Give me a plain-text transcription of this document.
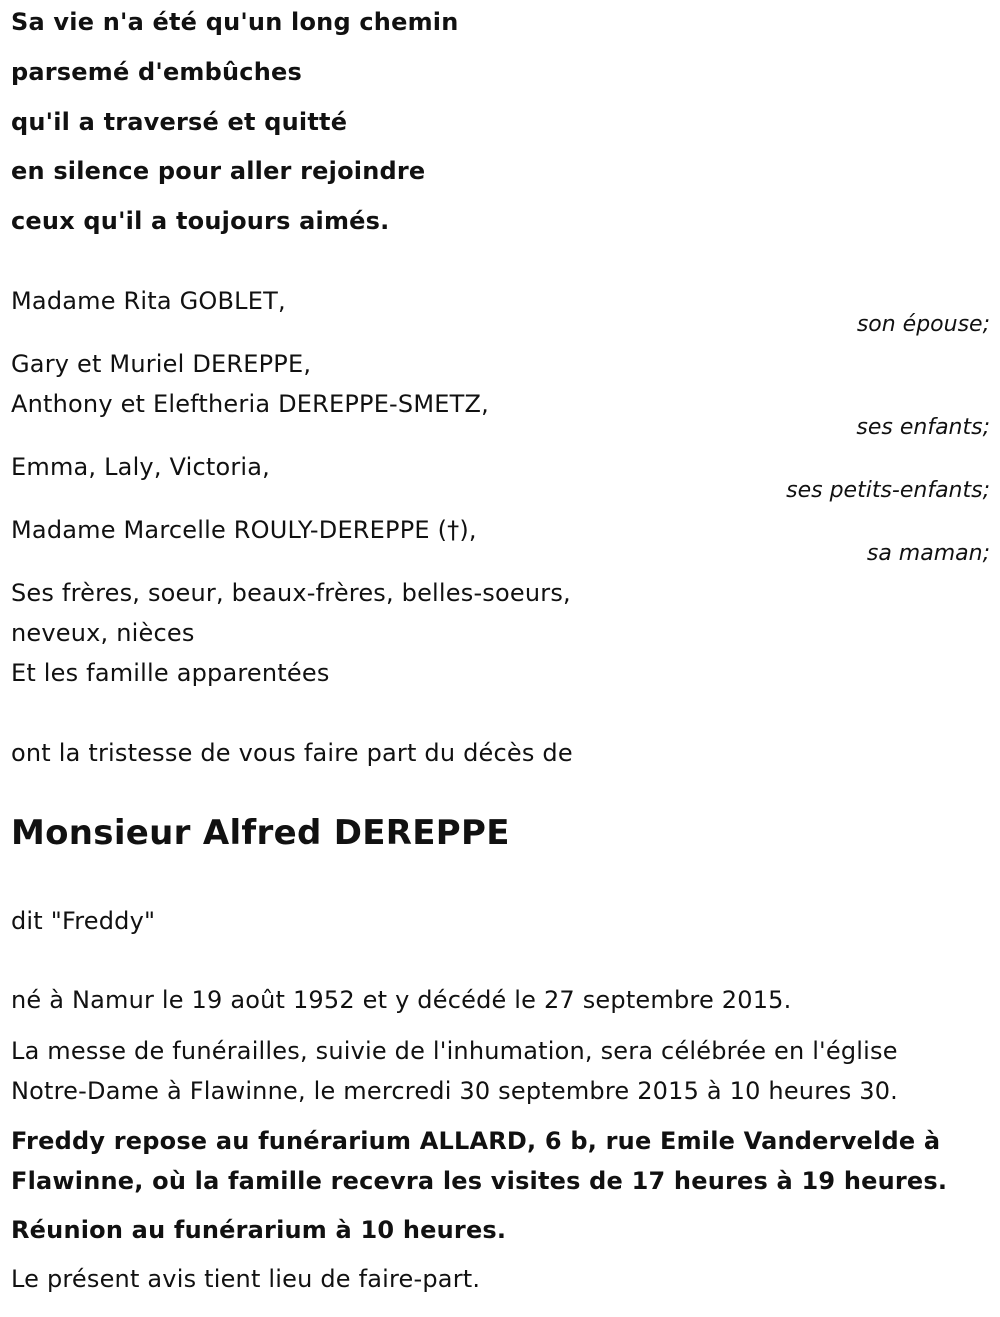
Sa vie n'a été qu'un long chemin
parsemé d'embûches
qu'il a traversé et quitté
en silence pour aller rejoindre
ceux qu'il a toujours aimés.
Madame Rita GOBLET,
son épouse;
Gary et Muriel DEREPPE,
Anthony et Eleftheria DEREPPE-SMETZ,
ses enfants;
Emma, Laly, Victoria,
ses petits-enfants;
Madame Marcelle ROULY-DEREPPE (†),
sa maman;
Ses frères, soeur, beaux-frères, belles-soeurs,
neveux, nièces
Et les famille apparentées
ont la tristesse de vous faire part du décès de
Monsieur Alfred DEREPPE
dit "Freddy"
né à Namur le 19 août 1952 et y décédé le 27 septembre 2015.
La messe de funérailles, suivie de l'inhumation, sera célébrée en l'église
Notre-Dame à Flawinne, le mercredi 30 septembre 2015 à 10 heures 30.
Freddy repose au funérarium ALLARD, 6 b, rue Emile Vandervelde à
Flawinne, où la famille recevra les visites de 17 heures à 19 heures.
Réunion au funérarium à 10 heures.
Le présent avis tient lieu de faire-part.
